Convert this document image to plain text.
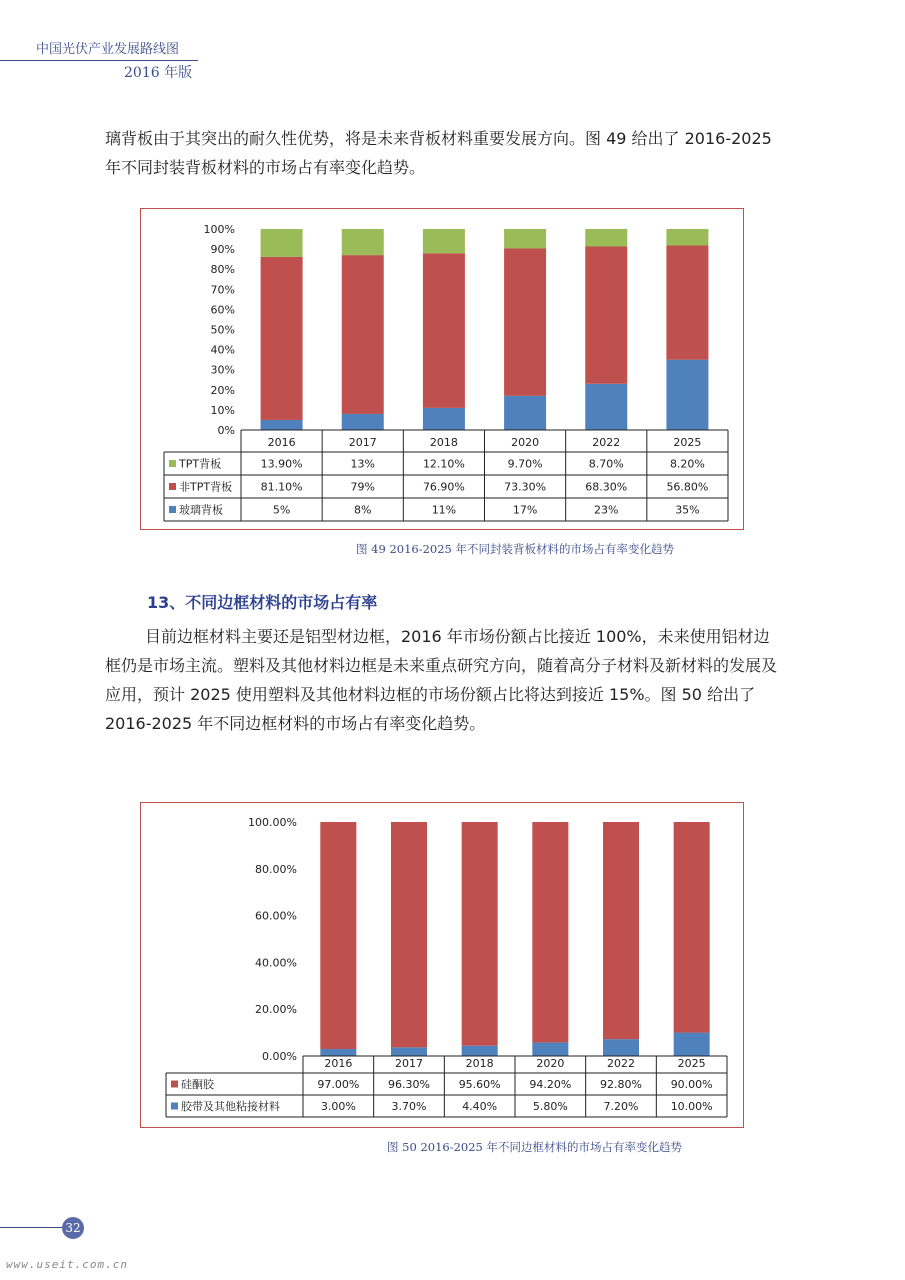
中国光伏产业发展路线图
2016 年版
璃背板由于其突出的耐久性优势，将是未来背板材料重要发展方向。图 49 给出了 2016-2025 年不同封装背板材料的市场占有率变化趋势。
0%
10%
20%
30%
40%
50%
60%
70%
80%
90%
100%
2016	2017	2018	2020	2022	2025
TPT背板	13.90%	13%	12.10%	9.70%	8.70%	8.20%
非TPT背板	81.10%	79%	76.90%	73.30%	68.30%	56.80%
玻璃背板	5%	8%	11%	17%	23%	35%
图 49 2016-2025 年不同封装背板材料的市场占有率变化趋势
13、不同边框材料的市场占有率
目前边框材料主要还是铝型材边框，2016 年市场份额占比接近 100%，未来使用铝材边框仍是市场主流。塑料及其他材料边框是未来重点研究方向，随着高分子材料及新材料的发展及应用，预计 2025 使用塑料及其他材料边框的市场份额占比将达到接近 15%。图 50 给出了 2016-2025 年不同边框材料的市场占有率变化趋势。
0.00%
20.00%
40.00%
60.00%
80.00%
100.00%
2016	2017	2018	2020	2022	2025
硅酮胶	97.00%	96.30%	95.60%	94.20%	92.80%	90.00%
胶带及其他粘接材料	3.00%	3.70%	4.40%	5.80%	7.20%	10.00%
图 50 2016-2025 年不同边框材料的市场占有率变化趋势
32
www.useit.com.cn
